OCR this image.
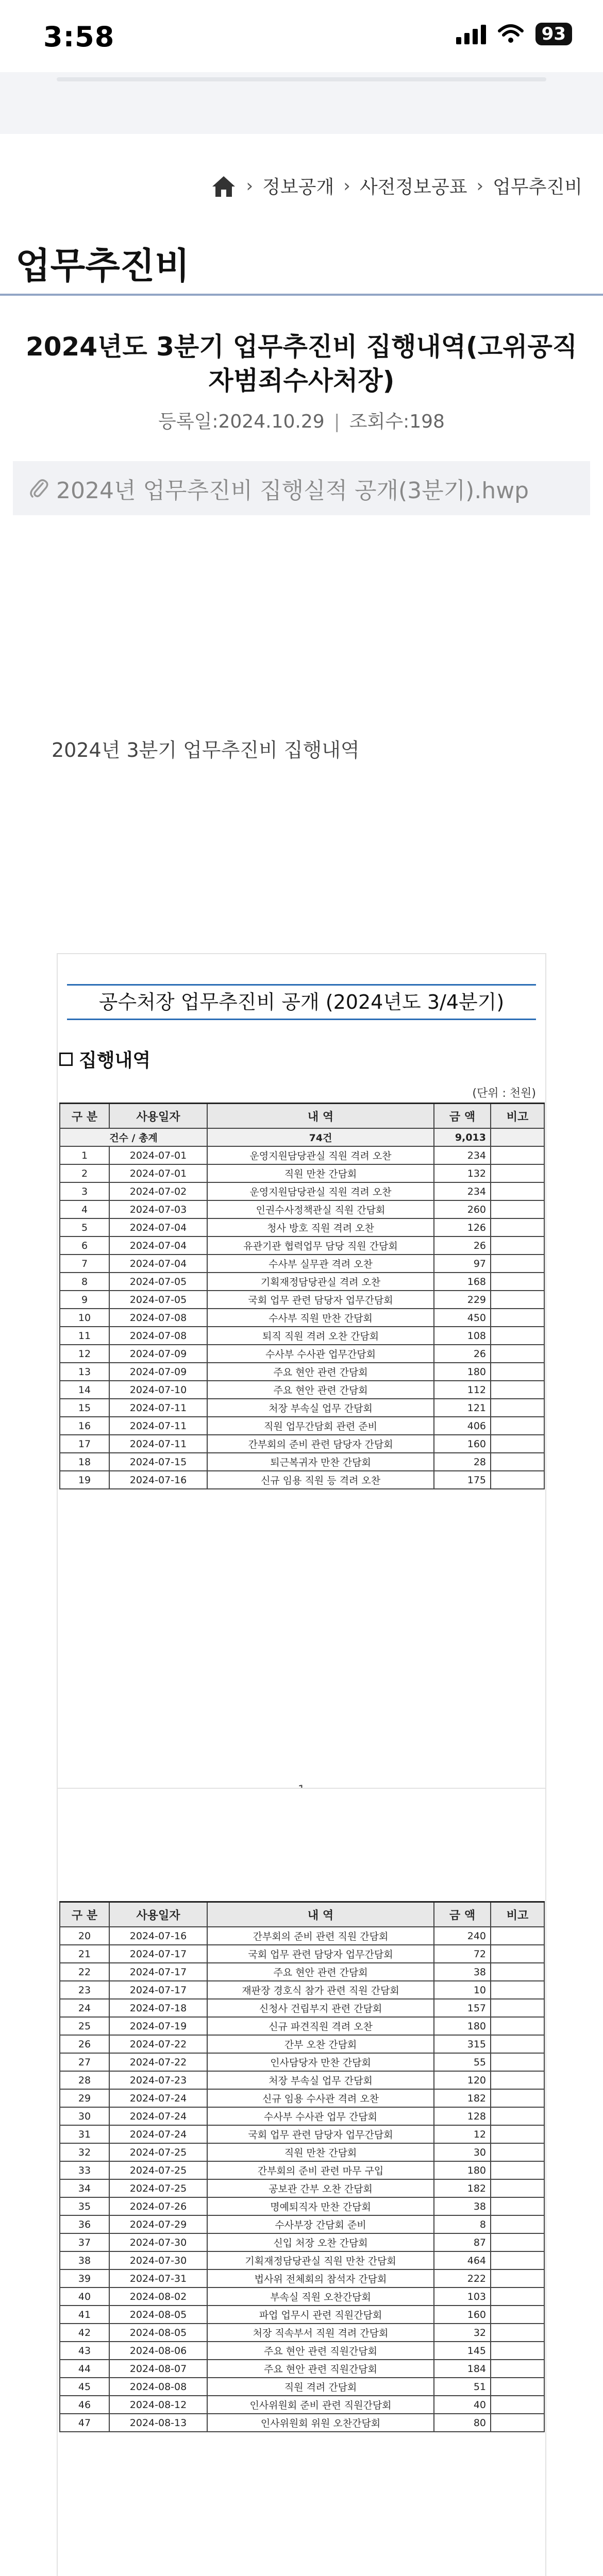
3:58	93
› 정보공개 › 사전정보공표 › 업무추진비
업무추진비
2024년도 3분기 업무추진비 집행내역(고위공직자범죄수사처장)
등록일:2024.10.29 | 조회수:198
2024년 업무추진비 집행실적 공개(3분기).hwp
2024년 3분기 업무추진비 집행내역
공수처장 업무추진비 공개 (2024년도 3/4분기)
집행내역
(단위 : 천원)
구 분	사용일자	내 역	금 액	비고
건수 / 총계		74건	9,013	
1	2024-07-01	운영지원담당관실 직원 격려 오찬	234	
2	2024-07-01	직원 만찬 간담회	132	
3	2024-07-02	운영지원담당관실 직원 격려 오찬	234	
4	2024-07-03	인권수사정책관실 직원 간담회	260	
5	2024-07-04	청사 방호 직원 격려 오찬	126	
6	2024-07-04	유관기관 협력업무 담당 직원 간담회	26	
7	2024-07-04	수사부 실무관 격려 오찬	97	
8	2024-07-05	기획재정담당관실 격려 오찬	168	
9	2024-07-05	국회 업무 관련 담당자 업무간담회	229	
10	2024-07-08	수사부 직원 만찬 간담회	450	
11	2024-07-08	퇴직 직원 격려 오찬 간담회	108	
12	2024-07-09	수사부 수사관 업무간담회	26	
13	2024-07-09	주요 현안 관련 간담회	180	
14	2024-07-10	주요 현안 관련 간담회	112	
15	2024-07-11	처장 부속실 업무 간담회	121	
16	2024-07-11	직원 업무간담회 관련 준비	406	
17	2024-07-11	간부회의 준비 관련 담당자 간담회	160	
18	2024-07-15	퇴근복귀자 만찬 간담회	28	
19	2024-07-16	신규 임용 직원 등 격려 오찬	175	
구 분	사용일자	내 역	금 액	비고
20	2024-07-16	간부회의 준비 관련 직원 간담회	240	
21	2024-07-17	국회 업무 관련 담당자 업무간담회	72	
22	2024-07-17	주요 현안 관련 간담회	38	
23	2024-07-17	재판장 경호식 참가 관련 직원 간담회	10	
24	2024-07-18	신청사 건립부지 관련 간담회	157	
25	2024-07-19	신규 파견직원 격려 오찬	180	
26	2024-07-22	간부 오찬 간담회	315	
27	2024-07-22	인사담당자 만찬 간담회	55	
28	2024-07-23	처장 부속실 업무 간담회	120	
29	2024-07-24	신규 임용 수사관 격려 오찬	182	
30	2024-07-24	수사부 수사관 업무 간담회	128	
31	2024-07-24	국회 업무 관련 담당자 업무간담회	12	
32	2024-07-25	직원 만찬 간담회	30	
33	2024-07-25	간부회의 준비 관련 마무 구입	180	
34	2024-07-25	공보관 간부 오찬 간담회	182	
35	2024-07-26	명예퇴직자 만찬 간담회	38	
36	2024-07-29	수사부장 간담회 준비	8	
37	2024-07-30	신입 처장 오찬 간담회	87	
38	2024-07-30	기획재정담당관실 직원 만찬 간담회	464	
39	2024-07-31	법사위 전체회의 참석자 간담회	222	
40	2024-08-02	부속실 직원 오찬간담회	103	
41	2024-08-05	파업 업무시 관련 직원간담회	160	
42	2024-08-05	처장 직속부서 직원 격려 간담회	32	
43	2024-08-06	주요 현안 관련 직원간담회	145	
44	2024-08-07	주요 현안 관련 직원간담회	184	
45	2024-08-08	직원 격려 간담회	51	
46	2024-08-12	인사위원회 준비 관련 직원간담회	40	
47	2024-08-13	인사위원회 위원 오찬간담회	80	
